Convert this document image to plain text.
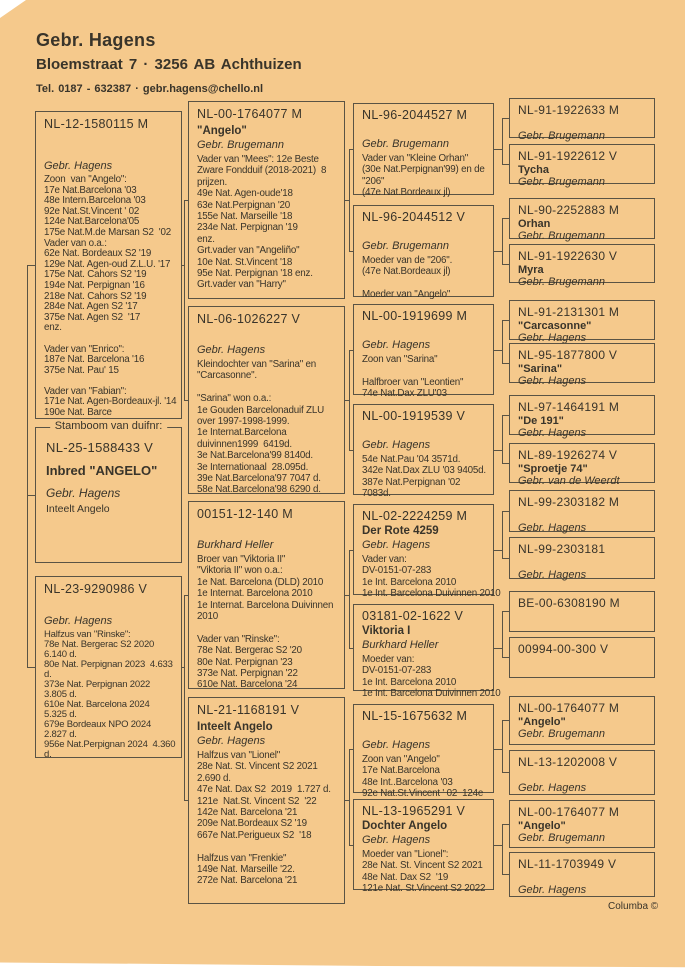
Gebr. Hagens
Bloemstraat 7 · 3256 AB Achthuizen
Tel. 0187 - 632387 · gebr.hagens@chello.nl
Stamboom van duifnr:
NL-25-1588433 V
Inbred "ANGELO"
Gebr. Hagens
Inteelt Angelo
Columba ©
NL-12-1580115 M
Gebr. Hagens
Zoon  van "Angelo":
17e Nat.Barcelona '03
48e Intern.Barcelona '03
92e Nat.St.Vincent ' 02
124e Nat.Barcelona'05
175e Nat.M.de Marsan S2  '02
Vader van o.a.:
62e Nat. Bordeaux S2 '19
129e Nat. Agen-oud Z.L.U. '17
175e Nat. Cahors S2 '19
194e Nat. Perpignan '16
218e Nat. Cahors S2 '19
284e Nat. Agen S2 '17
375e Nat. Agen S2  '17
enz.
Vader van "Enrico":
187e Nat. Barcelona '16
375e Nat. Pau' 15
Vader van "Fabian":
171e Nat. Agen-Bordeaux-jl. '14
190e Nat. Barce
NL-23-9290986 V
Gebr. Hagens
Halfzus van "Rinske":
78e Nat. Bergerac S2 2020
6.140 d.
80e Nat. Perpignan 2023  4.633
d.
373e Nat. Perpignan 2022
3.805 d.
610e Nat. Barcelona 2024
5.325 d.
679e Bordeaux NPO 2024
2.827 d.
956e Nat.Perpignan 2024  4.360
d.
NL-00-1764077 M
"Angelo"
Gebr. Brugemann
Vader van "Mees": 12e Beste
Zware Fondduif (2018-2021)  8
prijzen.
49e Nat. Agen-oude'18
63e Nat.Perpignan '20
155e Nat. Marseille '18
234e Nat. Perpignan '19
enz.
Grt.vader van "Angeliño"
10e Nat. St.Vincent '18
95e Nat. Perpignan '18 enz.
Grt.vader van "Harry"
NL-06-1026227 V
Gebr. Hagens
Kleindochter van "Sarina" en
"Carcasonne".
"Sarina" won o.a.:
1e Gouden Barcelonaduif ZLU
over 1997-1998-1999.
1e Internat.Barcelona
duivinnen1999  6419d.
3e Nat.Barcelona'99 8140d.
3e Internationaal  28.095d.
39e Nat.Barcelona'97 7047 d.
58e Nat.Barcelona'98 6290 d.
00151-12-140 M
Burkhard Heller
Broer van "Viktoria II"
"Viktoria II" won o.a.:
1e Nat. Barcelona (DLD) 2010
1e Internat. Barcelona 2010
1e Internat. Barcelona Duivinnen
2010
Vader van "Rinske":
78e Nat. Bergerac S2 '20
80e Nat. Perpignan '23
373e Nat. Perpignan '22
610e Nat. Barcelona '24
NL-21-1168191 V
Inteelt Angelo
Gebr. Hagens
Halfzus van "Lionel"
28e Nat. St. Vincent S2 2021
2.690 d.
47e Nat. Dax S2  2019  1.727 d.
121e  Nat.St. Vincent S2  '22
142e Nat. Barcelona '21
209e Nat.Bordeaux S2 '19
667e Nat.Perigueux S2  '18
Halfzus van "Frenkie"
149e Nat. Marseille '22.
272e Nat. Barcelona '21
NL-96-2044527 M
Gebr. Brugemann
Vader van "Kleine Orhan"
(30e Nat.Perpignan'99) en de
"206"
(47e Nat.Bordeaux jl)
NL-96-2044512 V
Gebr. Brugemann
Moeder van de "206".
(47e Nat.Bordeaux jl)
Moeder van "Angelo"
NL-00-1919699 M
Gebr. Hagens
Zoon van "Sarina"
Halfbroer van "Leontien"
74e Nat.Dax ZLU'03
NL-00-1919539 V
Gebr. Hagens
54e Nat.Pau '04 3571d.
342e Nat.Dax ZLU '03 9405d.
387e Nat.Perpignan '02
7083d.
NL-02-2224259 M
Der Rote 4259
Gebr. Hagens
Vader van:
DV-0151-07-283
1e Int. Barcelona 2010
1e Int. Barcelona Duivinnen 2010
03181-02-1622 V
Viktoria I
Burkhard Heller
Moeder van:
DV-0151-07-283
1e Int. Barcelona 2010
1e Int. Barcelona Duivinnen 2010
NL-15-1675632 M
Gebr. Hagens
Zoon van "Angelo"
17e Nat.Barcelona
48e Int..Barcelona '03
92e Nat.St.Vincent ' 02  124e
NL-13-1965291 V
Dochter Angelo
Gebr. Hagens
Moeder van "Lionel":
28e Nat. St. Vincent S2 2021
48e Nat. Dax S2  '19
121e Nat. St.Vincent S2 2022
NL-91-1922633 M
Gebr. Brugemann
NL-91-1922612 V
Tycha
Gebr. Brugemann
NL-90-2252883 M
Orhan
Gebr. Brugemann
NL-91-1922630 V
Myra
Gebr. Brugemann
NL-91-2131301 M
"Carcasonne"
Gebr. Hagens
NL-95-1877800 V
"Sarina"
Gebr. Hagens
NL-97-1464191 M
"De 191"
Gebr. Hagens
NL-89-1926274 V
"Sproetje 74"
Gebr. van de Weerdt
NL-99-2303182 M
Gebr. Hagens
NL-99-2303181
Gebr. Hagens
BE-00-6308190 M
00994-00-300 V
NL-00-1764077 M
"Angelo"
Gebr. Brugemann
NL-13-1202008 V
Gebr. Hagens
NL-00-1764077 M
"Angelo"
Gebr. Brugemann
NL-11-1703949 V
Gebr. Hagens
